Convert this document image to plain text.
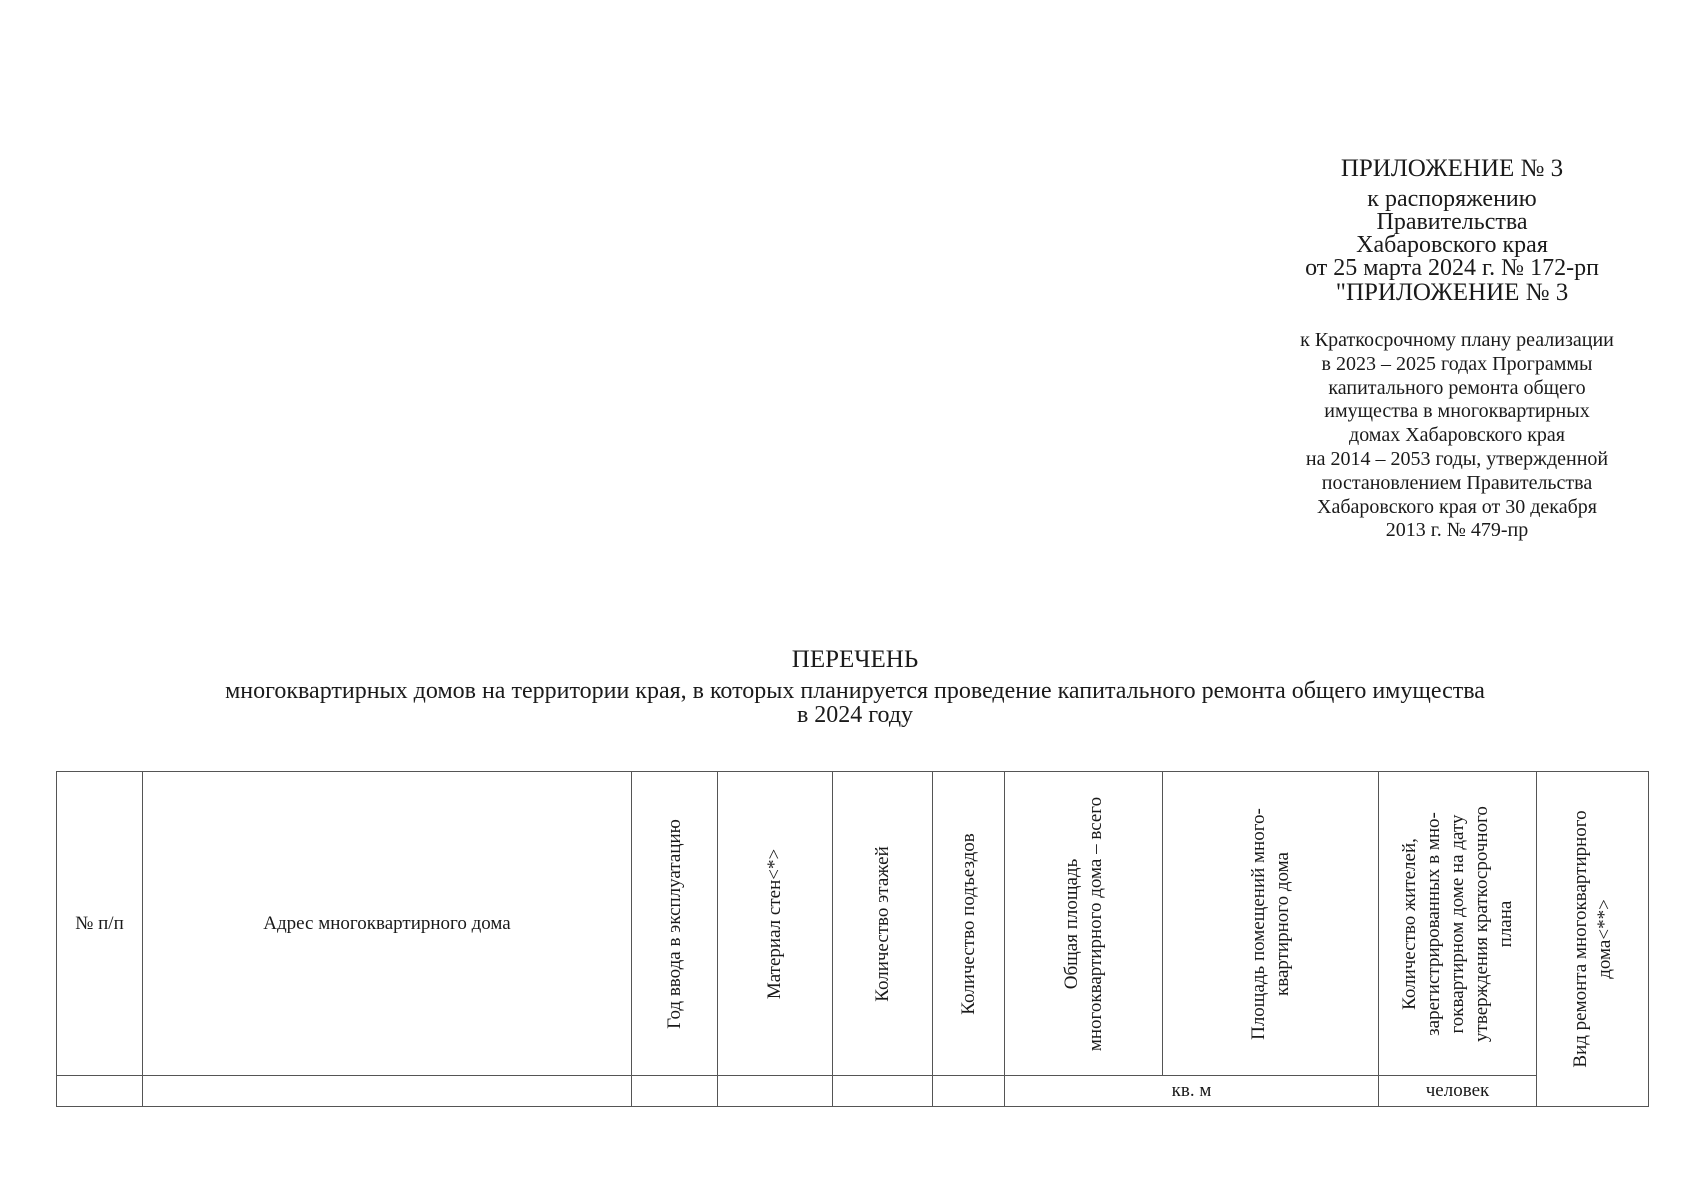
ПРИЛОЖЕНИЕ № 3
к распоряжению
Правительства
Хабаровского края
от 25 марта 2024 г. № 172-рп
"ПРИЛОЖЕНИЕ № 3
к Краткосрочному плану реализации
в 2023 – 2025 годах Программы
капитального ремонта общего
имущества в многоквартирных
домах Хабаровского края
на 2014 – 2053 годы, утвержденной
постановлением Правительства
Хабаровского края от 30 декабря
2013 г. № 479-пр
ПЕРЕЧЕНЬ
многоквартирных домов на территории края, в которых планируется проведение капитального ремонта общего имущества
в 2024 году
№ п/п	Адрес многоквартирного дома	Год ввода в эксплуатацию	Материал стен<*>	Количество этажей	Количество подъездов	Общая площадь многоквартирного дома – всего	Площадь помещений много-квартирного дома	Количество жителей, зарегистрированных в мно-гоквартирном доме на дату утверждения краткосрочного плана	Вид ремонта многоквартирного дома<**>

						кв. м		человек	
